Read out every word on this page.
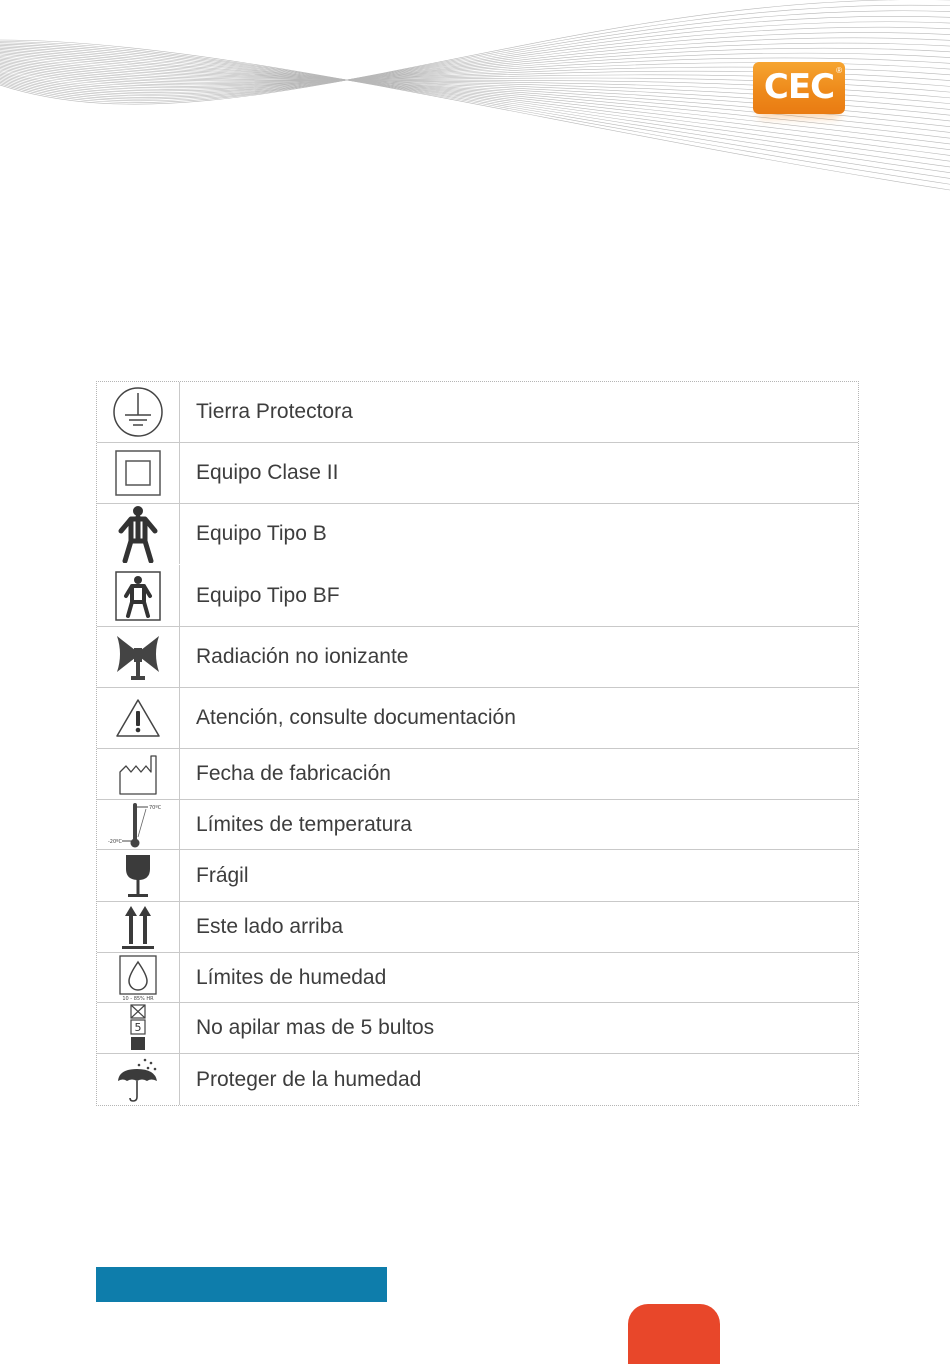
CEC ®
Tierra Protectora
Equipo Clase II
Equipo Tipo B
Equipo Tipo BF
Radiación no ionizante
Atención, consulte documentación
Fecha de fabricación
70ºC
-20ºC
Límites de temperatura
Frágil
Este lado arriba
10 - 85% HR
Límites de humedad
5	No apilar mas de 5 bultos
Proteger de la humedad
